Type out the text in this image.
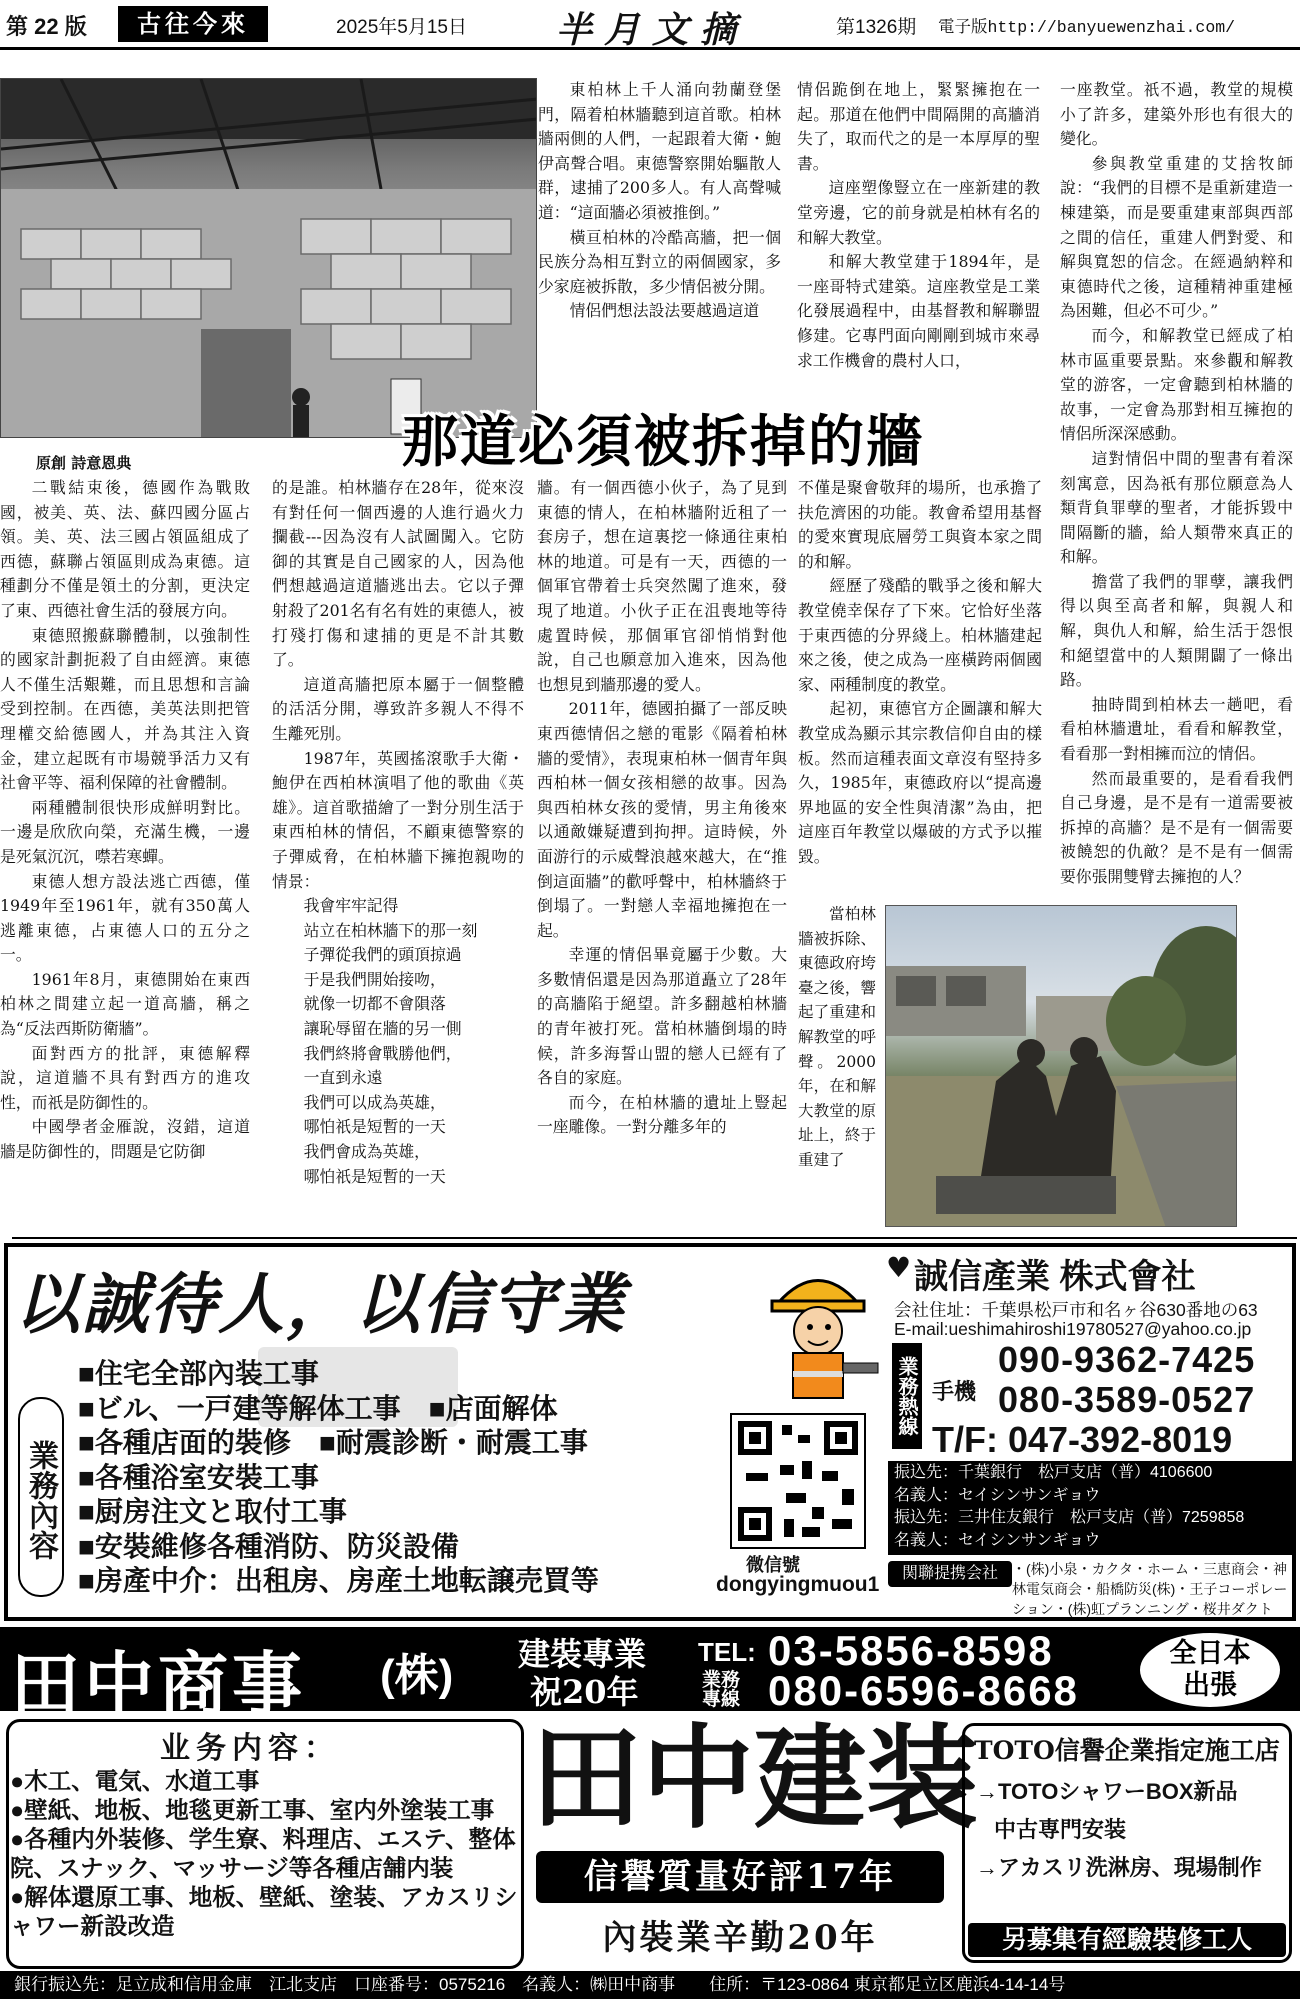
第 22 版	古往今來	2025年5月15日 半月文摘	第1326期 電子版http://banyuewenzhai.com/

東柏林上千人涌向勃蘭登堡門，隔着柏林牆聽到這首歌。柏林牆兩側的人們，一起跟着大衛・鮑伊高聲合唱。東德警察開始驅散人群，逮捕了200多人。有人高聲喊道：“這面牆必須被推倒。”

橫亘柏林的冷酷高牆，把一個民族分為相互對立的兩個國家，多少家庭被拆散，多少情侶被分開。

情侶們想法設法要越過這道

情侶跪倒在地上，緊緊擁抱在一起。那道在他們中間隔開的高牆消失了，取而代之的是一本厚厚的聖書。

這座塑像豎立在一座新建的教堂旁邊，它的前身就是柏林有名的和解大教堂。

和解大教堂建于1894年，是一座哥特式建築。這座教堂是工業化發展過程中，由基督教和解聯盟修建。它專門面向剛剛到城市來尋求工作機會的農村人口，

一座教堂。祇不過，教堂的規模小了許多，建築外形也有很大的變化。

參與教堂重建的艾捨牧師說：“我們的目標不是重新建造一棟建築，而是要重建東部與西部之間的信任，重建人們對愛、和解與寬恕的信念。在經過納粹和東德時代之後，這種精神重建極為困難，但必不可少。”

而今，和解教堂已經成了柏林市區重要景點。來參觀和解教堂的游客，一定會聽到柏林牆的故事，一定會為那對相互擁抱的情侶所深深感動。

這對情侶中間的聖書有着深刻寓意，因為祇有那位願意為人類背負罪孽的聖者，才能拆毀中間隔斷的牆，給人類帶來真正的和解。

擔當了我們的罪孽，讓我們得以與至高者和解，與親人和解，與仇人和解，給生活于怨恨和絕望當中的人類開闢了一條出路。

抽時間到柏林去一趟吧，看看柏林牆遺址，看看和解教堂，看看那一對相擁而泣的情侶。

然而最重要的，是看看我們自己身邊，是不是有一道需要被拆掉的高牆？是不是有一個需要被饒恕的仇敵？是不是有一個需要你張開雙臂去擁抱的人？

那道必須被拆掉的牆
原創 詩意恩典

二戰結束後，德國作為戰敗國，被美、英、法、蘇四國分區占領。美、英、法三國占領區組成了西德，蘇聯占領區則成為東德。這種劃分不僅是領土的分割，更決定了東、西德社會生活的發展方向。

東德照搬蘇聯體制，以強制性的國家計劃扼殺了自由經濟。東德人不僅生活艱難，而且思想和言論受到控制。在西德，美英法則把管理權交給德國人，并為其注入資金，建立起既有市場競爭活力又有社會平等、福利保障的社會體制。

兩種體制很快形成鮮明對比。一邊是欣欣向榮，充滿生機，一邊是死氣沉沉，噤若寒蟬。

東德人想方設法逃亡西德，僅1949年至1961年，就有350萬人逃離東德，占東德人口的五分之一。

1961年8月，東德開始在東西柏林之間建立起一道高牆，稱之為“反法西斯防衛牆”。

面對西方的批評，東德解釋說，這道牆不具有對西方的進攻性，而祇是防御性的。

中國學者金雁說，沒錯，這道牆是防御性的，問題是它防御

的是誰。柏林牆存在28年，從來沒有對任何一個西邊的人進行過火力攔截---因為沒有人試圖闖入。它防御的其實是自己國家的人，因為他們想越過這道牆逃出去。它以子彈射殺了201名有名有姓的東德人，被打殘打傷和逮捕的更是不計其數了。

這道高牆把原本屬于一個整體的活活分開，導致許多親人不得不生離死別。

1987年，英國搖滾歌手大衛・鮑伊在西柏林演唱了他的歌曲《英雄》。這首歌描繪了一對分別生活于東西柏林的情侶，不顧東德警察的子彈威脅，在柏林牆下擁抱親吻的情景：

我會牢牢記得
站立在柏林牆下的那一刻
子彈從我們的頭頂掠過
于是我們開始接吻，
就像一切都不會隕落
讓恥辱留在牆的另一側
我們終將會戰勝他們，
一直到永遠
我們可以成為英雄，
哪怕祇是短暫的一天
我們會成為英雄，
哪怕祇是短暫的一天

牆。有一個西德小伙子，為了見到東德的情人，在柏林牆附近租了一套房子，想在這裏挖一條通往東柏林的地道。可是有一天，西德的一個軍官帶着士兵突然闖了進來，發現了地道。小伙子正在沮喪地等待處置時候，那個軍官卻悄悄對他說，自己也願意加入進來，因為他也想見到牆那邊的愛人。

2011年，德國拍攝了一部反映東西德情侶之戀的電影《隔着柏林牆的愛情》，表現東柏林一個青年與西柏林一個女孩相戀的故事。因為與西柏林女孩的愛情，男主角後來以通敵嫌疑遭到拘押。這時候，外面游行的示威聲浪越來越大，在“推倒這面牆”的歡呼聲中，柏林牆終于倒塌了。一對戀人幸福地擁抱在一起。

幸運的情侶畢竟屬于少數。大多數情侶還是因為那道矗立了28年的高牆陷于絕望。許多翻越柏林牆的青年被打死。當柏林牆倒塌的時候，許多海誓山盟的戀人已經有了各自的家庭。

而今，在柏林牆的遺址上豎起一座雕像。一對分離多年的

不僅是聚會敬拜的場所，也承擔了扶危濟困的功能。教會希望用基督的愛來實現底層勞工與資本家之間的和解。

經歷了殘酷的戰爭之後和解大教堂僥幸保存了下來。它恰好坐落于東西德的分界綫上。柏林牆建起來之後，使之成為一座橫跨兩個國家、兩種制度的教堂。

起初，東德官方企圖讓和解大教堂成為顯示其宗教信仰自由的樣板。然而這種表面文章沒有堅持多久，1985年，東德政府以“提高邊界地區的安全性與清潔”為由，把這座百年教堂以爆破的方式予以摧毀。

當柏林牆被拆除、東德政府垮臺之後，響起了重建和解教堂的呼聲。2000年，在和解大教堂的原址上，終于重建了

以誠待人，以信守業
業務內容
■住宅全部內装工事
■ビル、一戸建等解体工事　 ■店面解体
■各種店面的裝修　 ■耐震診断・耐震工事
■各種浴室安裝工事
■厨房注文と取付工事
■安裝維修各種消防、防災設備
■房產中介：出租房、房産土地転譲売買等	微信號
dongyingmuou1
♥ 誠信產業 株式會社
会社住址：千葉県松戸市和名ヶ谷630番地の63
E-mail:ueshimahiroshi19780527@yahoo.co.jp
業務熱線 手機
090-9362-7425
080-3589-0527
T/F: 047-392-8019
振込先：千葉銀行　松戸支店（普）4106600
名義人：セイシンサンギョウ
振込先：三井住友銀行　松戸支店（普）7259858
名義人：セイシンサンギョウ
関聯提携会社	・(株)小泉・カクタ・ホーム・三恵商会・神林電気商会・船橋防災(株)・王子コーポレーション・(株)虹プランニング・桜井ダクト
田中商事 (株) 建裝專業
祝20年
TEL: 03-5856-8598
業務專線 080-6596-8668
全日本出張
业务内容：
●木工、電気、水道工事
●壁紙、地板、地毯更新工事、室内外塗装工事
●各種内外装修、学生寮、料理店、エステ、整体院、スナック、マッサージ等各種店舗内装
●解体還原工事、地板、壁紙、塗装、アカスリシャワー新設改造
田中建装
信譽質量好評17年
內裝業辛勤20年
TOTO信譽企業指定施工店
→TOTOシャワーBOX新品
中古専門安装
→アカスリ洗淋房、現場制作
另募集有經驗裝修工人
銀行振込先：足立成和信用金庫　江北支店　口座番号：0575216　名義人：㈱田中商事　　住所：〒123-0864 東京都足立区鹿浜4-14-14号
